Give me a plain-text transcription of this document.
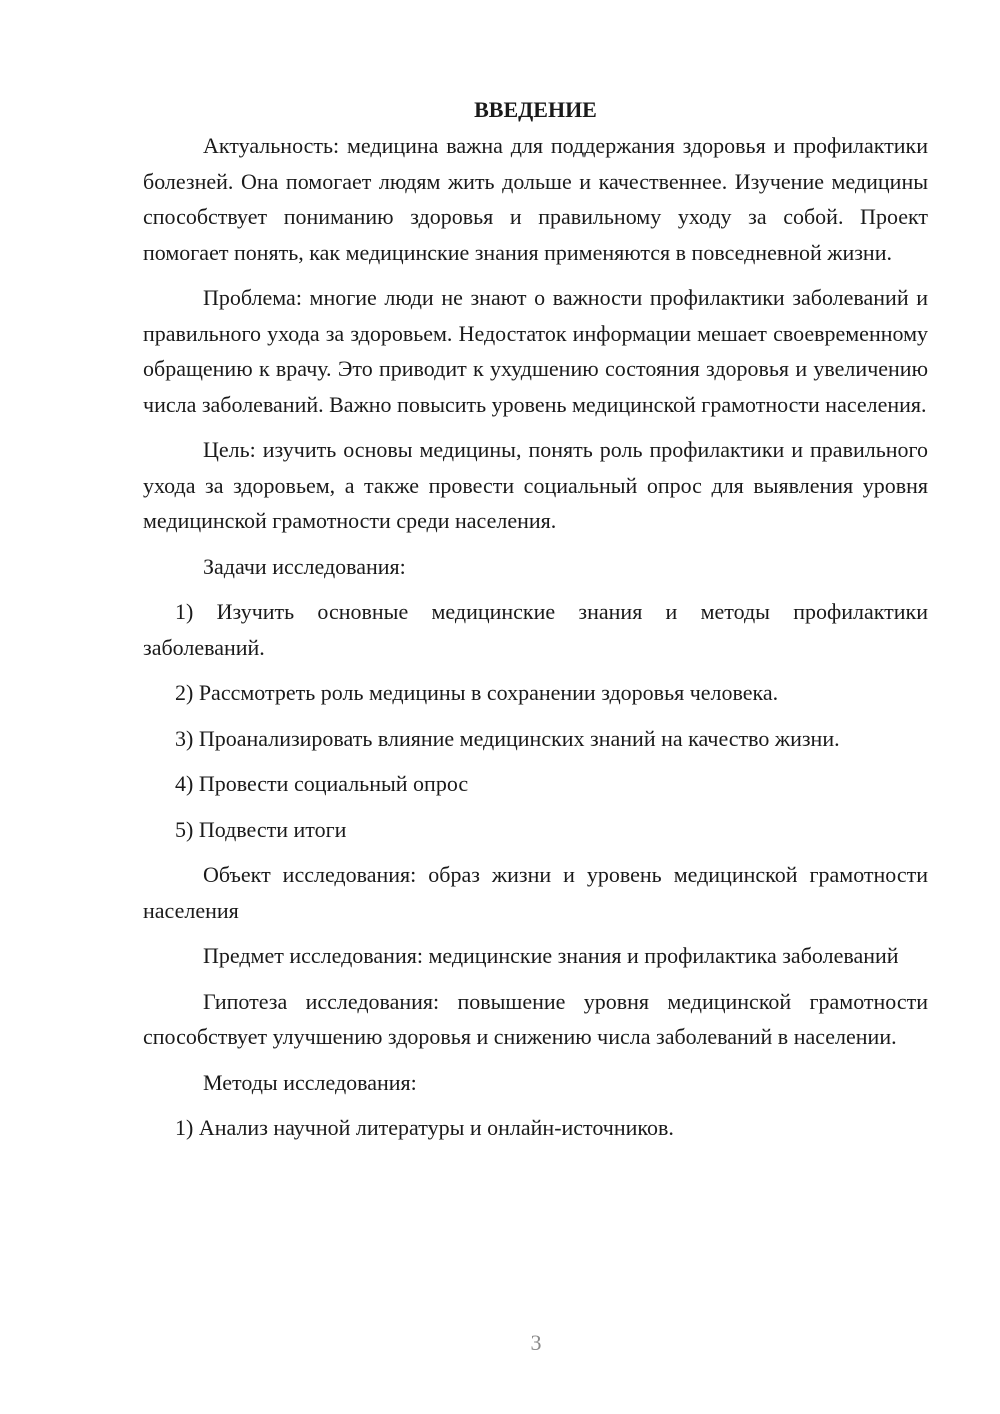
ВВЕДЕНИЕ

Актуальность: медицина важна для поддержания здоровья и профилактики болезней. Она помогает людям жить дольше и качественнее. Изучение медицины способствует пониманию здоровья и правильному уходу за собой. Проект помогает понять, как медицинские знания применяются в повседневной жизни.

Проблема: многие люди не знают о важности профилактики заболеваний и правильного ухода за здоровьем. Недостаток информации мешает своевременному обращению к врачу. Это приводит к ухудшению состояния здоровья и увеличению числа заболеваний. Важно повысить уровень медицинской грамотности населения.

Цель: изучить основы медицины, понять роль профилактики и правильного ухода за здоровьем, а также провести социальный опрос для выявления уровня медицинской грамотности среди населения.

Задачи исследования:

1) Изучить основные медицинские знания и методы профилактики заболеваний.

2) Рассмотреть роль медицины в сохранении здоровья человека.

3) Проанализировать влияние медицинских знаний на качество жизни.

4) Провести социальный опрос

5) Подвести итоги

Объект исследования: образ жизни и уровень медицинской грамотности населения

Предмет исследования: медицинские знания и профилактика заболеваний

Гипотеза исследования: повышение уровня медицинской грамотности способствует улучшению здоровья и снижению числа заболеваний в населении.

Методы исследования:

1) Анализ научной литературы и онлайн-источников.

3
